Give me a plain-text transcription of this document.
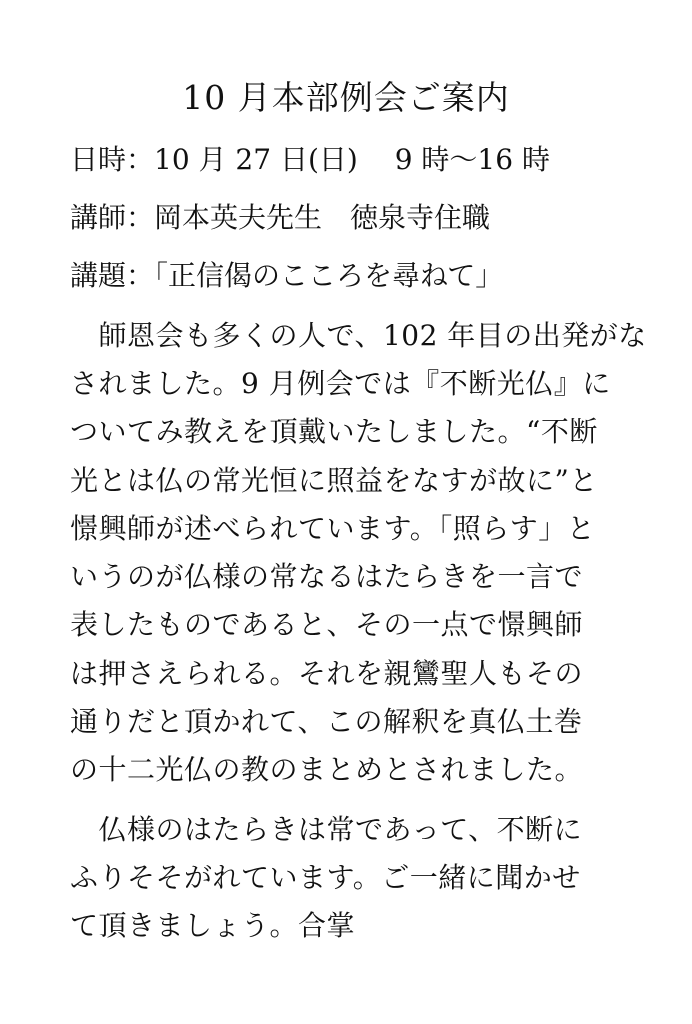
10 月本部例会ご案内
日時：10 月 27 日(日)　 9 時～16 時
講師：岡本英夫先生　徳泉寺住職
講題：「正信偈のこころを尋ねて」
　師恩会も多くの人で、102 年目の出発がな
されました。9 月例会では『不断光仏』に
ついてみ教えを頂戴いたしました。“不断
光とは仏の常光恒に照益をなすが故に”と
憬興師が述べられています。「照らす」と
いうのが仏様の常なるはたらきを一言で
表したものであると、その一点で憬興師
は押さえられる。それを親鸞聖人もその
通りだと頂かれて、この解釈を真仏土巻
の十二光仏の教のまとめとされました。
　仏様のはたらきは常であって、不断に
ふりそそがれています。ご一緒に聞かせ
て頂きましょう。合掌
